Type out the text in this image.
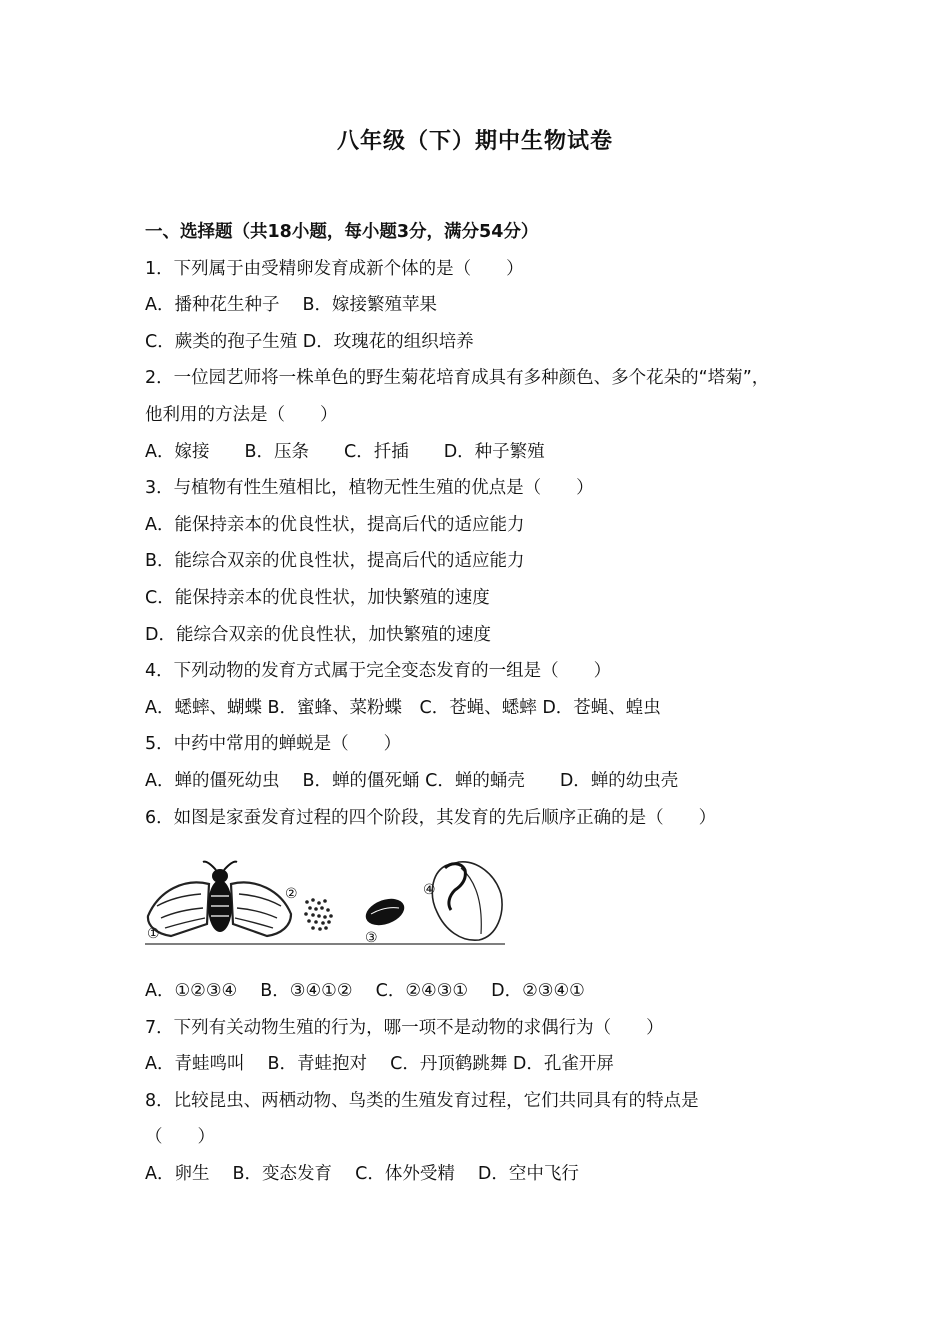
八年级（下）期中生物试卷
一、选择题（共18小题，每小题3分，满分54分）
1．下列属于由受精卵发育成新个体的是（　　）
A．播种花生种子　 B．嫁接繁殖苹果
C．蕨类的孢子生殖 D．玫瑰花的组织培养
2．一位园艺师将一株单色的野生菊花培育成具有多种颜色、多个花朵的“塔菊”，
他利用的方法是（　　）
A．嫁接　　B．压条　　C．扦插　　D．种子繁殖
3．与植物有性生殖相比，植物无性生殖的优点是（　　）
A．能保持亲本的优良性状，提高后代的适应能力
B．能综合双亲的优良性状，提高后代的适应能力
C．能保持亲本的优良性状，加快繁殖的速度
D．能综合双亲的优良性状，加快繁殖的速度
4．下列动物的发育方式属于完全变态发育的一组是（　　）
A．蟋蟀、蝴蝶 B．蜜蜂、菜粉蝶　C．苍蝇、蟋蟀 D．苍蝇、蝗虫
5．中药中常用的蝉蜕是（　　）
A．蝉的僵死幼虫　 B．蝉的僵死蛹 C．蝉的蛹壳　　D．蝉的幼虫壳
6．如图是家蚕发育过程的四个阶段，其发育的先后顺序正确的是（　　）
①
②
③
④
A．①②③④　 B．③④①②　 C．②④③①　 D．②③④①
7．下列有关动物生殖的行为，哪一项不是动物的求偶行为（　　）
A．青蛙鸣叫　 B．青蛙抱对　 C．丹顶鹤跳舞 D．孔雀开屏
8．比较昆虫、两栖动物、鸟类的生殖发育过程，它们共同具有的特点是
（　　）
A．卵生　 B．变态发育　 C．体外受精　 D．空中飞行
